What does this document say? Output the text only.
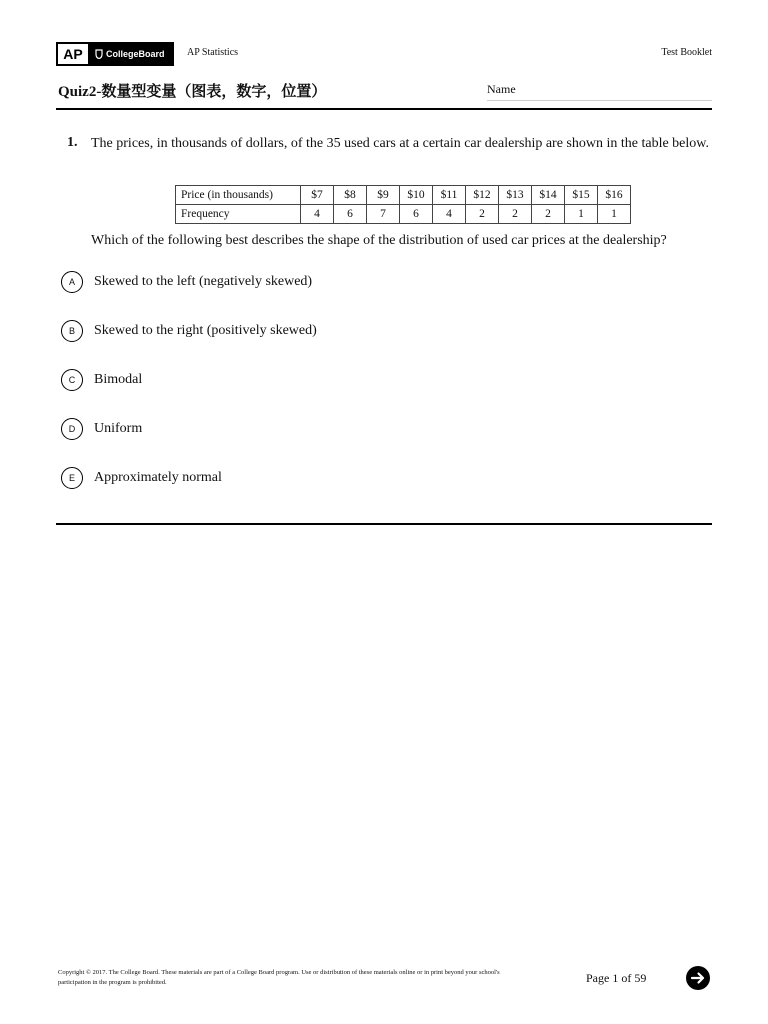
AP	CollegeBoard AP Statistics	Test Booklet
Quiz2-数量型变量（图表，数字，位置）	Name
1. The prices, in thousands of dollars, of the 35 used cars at a certain car dealership are shown in the table below.
Price (in thousands)	$7	$8	$9	$10	$11	$12	$13	$14	$15	$16
Frequency	4	6	7	6	4	2	2	2	1	1
Which of the following best describes the shape of the distribution of used car prices at the dealership?
A	Skewed to the left (negatively skewed)
B	Skewed to the right (positively skewed)
C	Bimodal
D	Uniform
E	Approximately normal
Copyright © 2017. The College Board. These materials are part of a College Board program. Use or distribution of these materials online or in print beyond your school's participation in the program is prohibited.	Page 1 of 59
